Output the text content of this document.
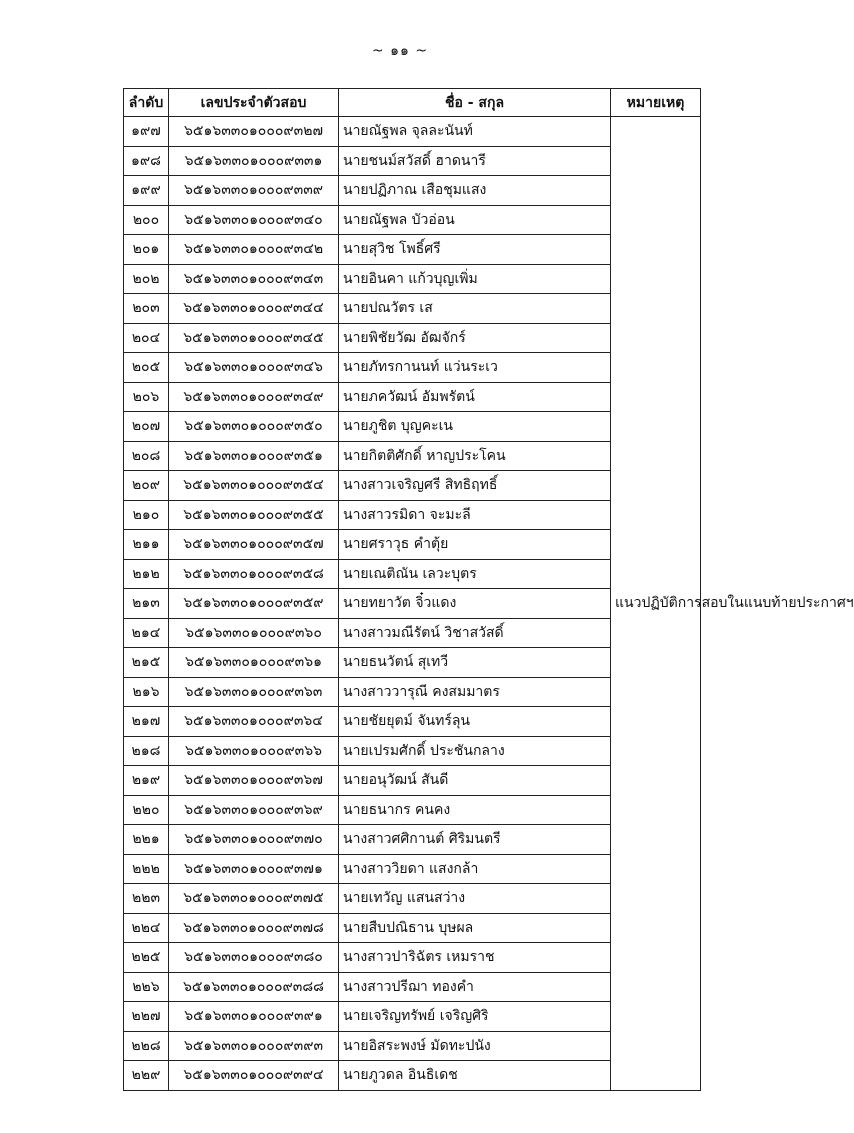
~ ๑๑ ~
ลำดับ	เลขประจำตัวสอบ	ชื่อ - สกุล	หมายเหตุ
๑๙๗	๖๕๑๖๓๓๐๑๐๐๐๙๓๒๗	นายณัฐพล จุลละนันท์	แนวปฏิบัติการสอบในแนบท้ายประกาศฯ
๑๙๘	๖๕๑๖๓๓๐๑๐๐๐๙๓๓๑	นายชนม์สวัสดิ์ ฮาดนารี	
๑๙๙	๖๕๑๖๓๓๐๑๐๐๐๙๓๓๙	นายปฏิภาณ เสือชุมแสง	
๒๐๐	๖๕๑๖๓๓๐๑๐๐๐๙๓๔๐	นายณัฐพล บัวอ่อน	
๒๐๑	๖๕๑๖๓๓๐๑๐๐๐๙๓๔๒	นายสุวิช โพธิ์ศรี	
๒๐๒	๖๕๑๖๓๓๐๑๐๐๐๙๓๔๓	นายอินคา แก้วบุญเพิ่ม	
๒๐๓	๖๕๑๖๓๓๐๑๐๐๐๙๓๔๔	นายปณวัตร เส	
๒๐๔	๖๕๑๖๓๓๐๑๐๐๐๙๓๔๕	นายพิชัยวัฒ อัฒจักร์	
๒๐๕	๖๕๑๖๓๓๐๑๐๐๐๙๓๔๖	นายภัทรกานนท์ แว่นระเว	
๒๐๖	๖๕๑๖๓๓๐๑๐๐๐๙๓๔๙	นายภควัฒน์ อัมพรัตน์	
๒๐๗	๖๕๑๖๓๓๐๑๐๐๐๙๓๕๐	นายภูชิต บุญคะเน	
๒๐๘	๖๕๑๖๓๓๐๑๐๐๐๙๓๕๑	นายกิตติศักดิ์ หาญประโคน	
๒๐๙	๖๕๑๖๓๓๐๑๐๐๐๙๓๕๔	นางสาวเจริญศรี สิทธิฤทธิ์	
๒๑๐	๖๕๑๖๓๓๐๑๐๐๐๙๓๕๕	นางสาวรมิดา จะมะลี	
๒๑๑	๖๕๑๖๓๓๐๑๐๐๐๙๓๕๗	นายศราวุธ คำตุ้ย	
๒๑๒	๖๕๑๖๓๓๐๑๐๐๐๙๓๕๘	นายเณติณัน เลวะบุตร	
๒๑๓	๖๕๑๖๓๓๐๑๐๐๐๙๓๕๙	นายทยาวัต จิ๋วแดง	
๒๑๔	๖๕๑๖๓๓๐๑๐๐๐๙๓๖๐	นางสาวมณีรัตน์ วิชาสวัสดิ์	
๒๑๕	๖๕๑๖๓๓๐๑๐๐๐๙๓๖๑	นายธนวัตน์ สุเทวี	
๒๑๖	๖๕๑๖๓๓๐๑๐๐๐๙๓๖๓	นางสาววารุณี คงสมมาตร	
๒๑๗	๖๕๑๖๓๓๐๑๐๐๐๙๓๖๔	นายชัยยุตม์ จันทร์ลุน	
๒๑๘	๖๕๑๖๓๓๐๑๐๐๐๙๓๖๖	นายเปรมศักดิ์ ประชันกลาง	
๒๑๙	๖๕๑๖๓๓๐๑๐๐๐๙๓๖๗	นายอนุวัฒน์ สันดี	
๒๒๐	๖๕๑๖๓๓๐๑๐๐๐๙๓๖๙	นายธนากร คนคง	
๒๒๑	๖๕๑๖๓๓๐๑๐๐๐๙๓๗๐	นางสาวศศิกานต์ ศิริมนตรี	
๒๒๒	๖๕๑๖๓๓๐๑๐๐๐๙๓๗๑	นางสาววิยดา แสงกล้า	
๒๒๓	๖๕๑๖๓๓๐๑๐๐๐๙๓๗๕	นายเทวัญ แสนสว่าง	
๒๒๔	๖๕๑๖๓๓๐๑๐๐๐๙๓๗๘	นายสืบปณิธาน บุษผล	
๒๒๕	๖๕๑๖๓๓๐๑๐๐๐๙๓๘๐	นางสาวปาริฉัตร เหมราช	
๒๒๖	๖๕๑๖๓๓๐๑๐๐๐๙๓๘๘	นางสาวปรีฌา ทองคำ	
๒๒๗	๖๕๑๖๓๓๐๑๐๐๐๙๓๙๑	นายเจริญทรัพย์ เจริญศิริ	
๒๒๘	๖๕๑๖๓๓๐๑๐๐๐๙๓๙๓	นายอิสระพงษ์ มัดทะปนัง	
๒๒๙	๖๕๑๖๓๓๐๑๐๐๐๙๓๙๔	นายภูวดล อินธิเดช	
